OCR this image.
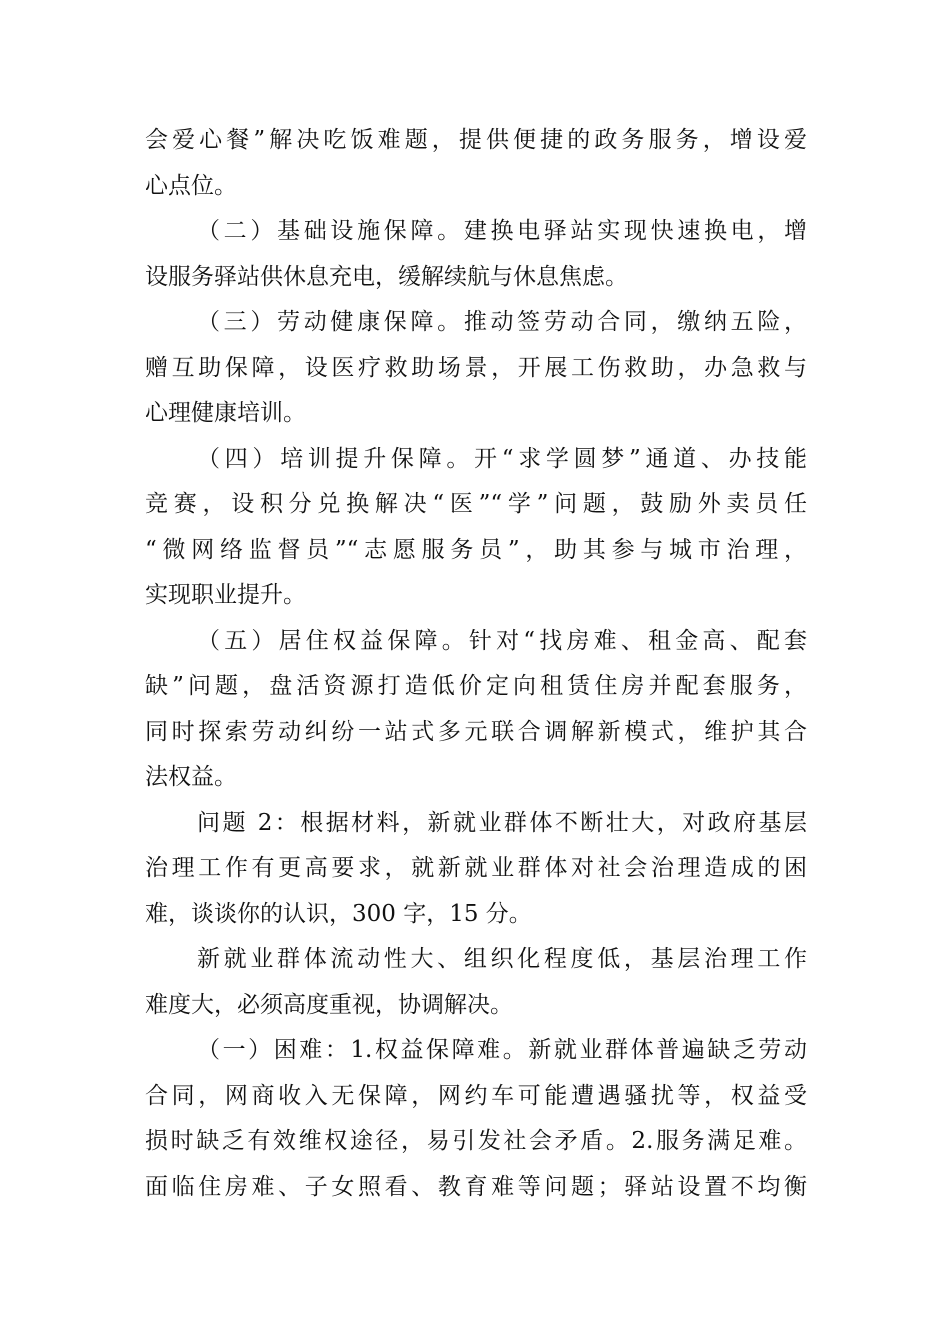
会爱心餐”解决吃饭难题，提供便捷的政务服务，增设爱
心点位。
（二）基础设施保障。建换电驿站实现快速换电，增
设服务驿站供休息充电，缓解续航与休息焦虑。
（三）劳动健康保障。推动签劳动合同，缴纳五险，
赠互助保障，设医疗救助场景，开展工伤救助，办急救与
心理健康培训。
（四）培训提升保障。开“求学圆梦”通道、办技能
竞赛，设积分兑换解决“医”“学”问题，鼓励外卖员任
“微网络监督员”“志愿服务员”，助其参与城市治理，
实现职业提升。
（五）居住权益保障。针对“找房难、租金高、配套
缺”问题，盘活资源打造低价定向租赁住房并配套服务，
同时探索劳动纠纷一站式多元联合调解新模式，维护其合
法权益。
问题 2：根据材料，新就业群体不断壮大，对政府基层
治理工作有更高要求，就新就业群体对社会治理造成的困
难，谈谈你的认识，300 字，15 分。
新就业群体流动性大、组织化程度低，基层治理工作
难度大，必须高度重视，协调解决。
（一）困难：1.权益保障难。新就业群体普遍缺乏劳动
合同，网商收入无保障，网约车可能遭遇骚扰等，权益受
损时缺乏有效维权途径，易引发社会矛盾。2.服务满足难。
面临住房难、子女照看、教育难等问题；驿站设置不均衡
